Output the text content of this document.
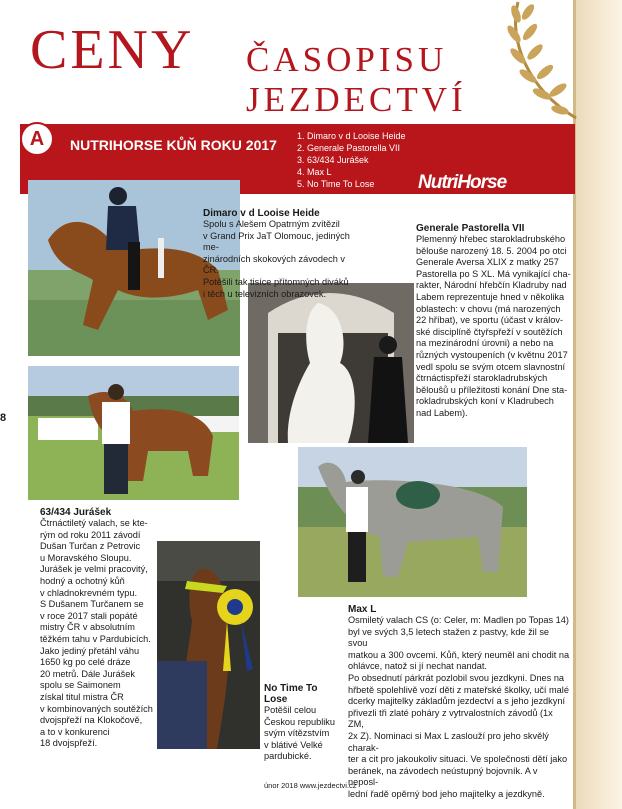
CENY ČASOPISU
JEZDECTVÍ
A	NUTRIHORSE KŮŇ ROKU 2017
1. Dimaro v d Looise Heide
2. Generale Pastorella VII
3. 63/434 Jurášek
4. Max L
5. No Time To Lose	NutriHorse
Dimaro v d Looise Heide
Spolu s Alešem Opatrným zvítězil
v Grand Prix JaT Olomouc, jediných me-
zinárodních skokových závodech v ČR.
Potěšili tak tisíce přítomných diváků
i těch u televizních obrazovek.
Generale Pastorella VII
Plemenný hřebec starokladrubského
běloušе narozený 18. 5. 2004 po otci
Generale Aversa XLIX z matky 257
Pastorella po S XL. Má vynikající cha-
rakter, Národní hřebčín Kladruby nad
Labem reprezentuje hned v několika
oblastech: v chovu (má narozených
22 hříbat), ve sportu (účast v králov-
ské disciplíně čtyřspřeží v soutěžích
na mezinárodní úrovni) a nebo na
různých vystoupeních (v květnu 2017
vedl spolu se svým otcem slavnostní
čtrnáctispřeží starokladrubských
bělouŝů u příležitosti konání Dne sta-
rokladrubských koní v Kladrubech
nad Labem).
63/434 Jurášek
Čtrnáctiletý valach, se kte-
rým od roku 2011 závodí
Dušan Turčan z Petrovic
u Moravského Sloupu.
Jurášek je velmi pracovitý,
hodný a ochotný kůň
v chladnokrevném typu.
S Dušanem Turčanem se
v roce 2017 stali popáté
mistry ČR v absolutním
těžkém tahu v Pardubicích.
Jako jediný přetáhl váhu
1650 kg po celé dráze
20 metrů. Dále Jurášek
spolu se Saimonem
získal titul mistra ČR
v kombinovaných soutěžích
dvojspřeží na Klokočově,
a to v konkurenci
18 dvojspřeží.
No Time To Lose
Potěšil celou
Českou republiku
svým vítězstvím
v blátivé Velké
pardubické.
Max L
Osmiletý valach CS (o: Celer, m: Madlen po Topas 14)
byl ve svých 3,5 letech stažen z pastvy, kde žil se svou
matkou a 300 ovcemi. Kůň, který neuměl ani chodit na
ohlávce, natož si jí nechat nandat.
Po obsednutí párkrát pozlobil svou jezdkyni. Dnes na
hřbetě spolehlivě vozí děti z mateřské školky, učí malé
dcerky majitelky základům jezdectví a s jeho jezdkyní
přivezli tři zlaté poháry z vytrvalostních závodů (1x ZM,
2x Z). Nominaci si Max L zaslouží pro jeho skvělý charak-
ter a cit pro jakoukoliv situaci. Ve společnosti dětí jako
beránek, na závodech neústupný bojovník. A v neposl-
lední řadě opěrný bod jeho majitelky a jezdkyně.
8
únor 2018 www.jezdectvi.cz
